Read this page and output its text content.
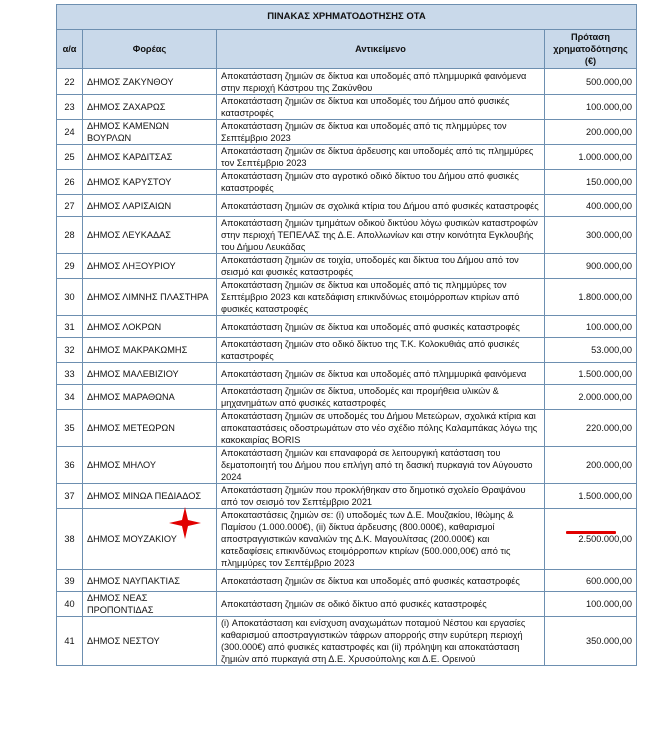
ΠΙΝΑΚΑΣ ΧΡΗΜΑΤΟΔΟΤΗΣΗΣ ΟΤΑ			
α/α	Φορέας	Αντικείμενο	Πρόταση χρηματοδότησης (€)
22	ΔΗΜΟΣ ΖΑΚΥΝΘΟΥ	Αποκατάσταση ζημιών σε δίκτυα και υποδομές από πλημμυρικά φαινόμενα στην περιοχή Κάστρου της Ζακύνθου	500.000,00
23	ΔΗΜΟΣ ΖΑΧΑΡΩΣ	Αποκατάσταση ζημιών σε δίκτυα και υποδομές του Δήμου από φυσικές καταστροφές	100.000,00
24	ΔΗΜΟΣ ΚΑΜΕΝΩΝ ΒΟΥΡΛΩΝ	Αποκατάσταση ζημιών σε δίκτυα και υποδομές από τις πλημμύρες τον Σεπτέμβριο 2023	200.000,00
25	ΔΗΜΟΣ ΚΑΡΔΙΤΣΑΣ	Αποκατάσταση ζημιών σε δίκτυα άρδευσης και υποδομές από τις πλημμύρες τον Σεπτέμβριο 2023	1.000.000,00
26	ΔΗΜΟΣ ΚΑΡΥΣΤΟΥ	Αποκατάσταση ζημιών στο αγροτικό οδικό δίκτυο του Δήμου από φυσικές καταστροφές	150.000,00
27	ΔΗΜΟΣ ΛΑΡΙΣΑΙΩΝ	Αποκατάσταση ζημιών σε σχολικά κτίρια του Δήμου από φυσικές καταστροφές	400.000,00
28	ΔΗΜΟΣ ΛΕΥΚΑΔΑΣ	Αποκατάσταση ζημιών τμημάτων οδικού δικτύου λόγω φυσικών καταστροφών στην περιοχή ΤΕΠΕΛΑΣ της Δ.Ε. Απολλωνίων και στην κοινότητα Εγκλουβής του Δήμου Λευκάδας	300.000,00
29	ΔΗΜΟΣ ΛΗΞΟΥΡΙΟΥ	Αποκατάσταση ζημιών σε τοιχία, υποδομές και δίκτυα του Δήμου από τον σεισμό και φυσικές καταστροφές	900.000,00
30	ΔΗΜΟΣ ΛΙΜΝΗΣ ΠΛΑΣΤΗΡΑ	Αποκατάσταση ζημιών σε δίκτυα και υποδομές από τις πλημμύρες τον Σεπτέμβριο 2023 και κατεδάφιση επικινδύνως ετοιμόρροπων κτιρίων από φυσικές καταστροφές	1.800.000,00
31	ΔΗΜΟΣ ΛΟΚΡΩΝ	Αποκατάσταση ζημιών σε δίκτυα και υποδομές από φυσικές καταστροφές	100.000,00
32	ΔΗΜΟΣ ΜΑΚΡΑΚΩΜΗΣ	Αποκατάσταση ζημιών στο οδικό δίκτυο της Τ.Κ. Κολοκυθιάς από φυσικές καταστροφές	53.000,00
33	ΔΗΜΟΣ ΜΑΛΕΒΙΖΙΟΥ	Αποκατάσταση ζημιών σε δίκτυα και υποδομές από πλημμυρικά φαινόμενα	1.500.000,00
34	ΔΗΜΟΣ ΜΑΡΑΘΩΝΑ	Αποκατάσταση ζημιών σε δίκτυα, υποδομές και προμήθεια υλικών & μηχανημάτων από φυσικές καταστροφές	2.000.000,00
35	ΔΗΜΟΣ ΜΕΤΕΩΡΩΝ	Αποκατάσταση ζημιών σε υποδομές του Δήμου Μετεώρων, σχολικά κτίρια και αποκαταστάσεις οδοστρωμάτων στο νέο σχέδιο πόλης Καλαμπάκας λόγω της κακοκαιρίας BORIS	220.000,00
36	ΔΗΜΟΣ ΜΗΛΟΥ	Αποκατάσταση ζημιών και επαναφορά σε λειτουργική κατάσταση του δεματοποιητή του Δήμου που επλήγη από τη δασική πυρκαγιά τον Αύγουστο 2024	200.000,00
37	ΔΗΜΟΣ ΜΙΝΩΑ ΠΕΔΙΑΔΟΣ	Αποκατάσταση ζημιών που προκλήθηκαν στο δημοτικό σχολείο Θραψάνου από τον σεισμό τον Σεπτέμβριο 2021	1.500.000,00
38	ΔΗΜΟΣ ΜΟΥΖΑΚΙΟΥ	Αποκαταστάσεις ζημιών σε: (i) υποδομές των Δ.Ε. Μουζακίου, Ιθώμης & Παμίσου (1.000.000€), (ii) δίκτυα άρδευσης (800.000€), καθαρισμοί αποστραγγιστικών καναλιών της Δ.Κ. Μαγουλίτσας (200.000€) και κατεδαφίσεις επικινδύνως ετοιμόρροπων κτιρίων (500.000,00€) από τις πλημμύρες τον Σεπτέμβριο 2023	2.500.000,00
39	ΔΗΜΟΣ ΝΑΥΠΑΚΤΙΑΣ	Αποκατάσταση ζημιών σε δίκτυα και υποδομές από φυσικές καταστροφές	600.000,00
40	ΔΗΜΟΣ ΝΕΑΣ ΠΡΟΠΟΝΤΙΔΑΣ	Αποκατάσταση ζημιών σε οδικό δίκτυο από φυσικές καταστροφές	100.000,00
41	ΔΗΜΟΣ ΝΕΣΤΟΥ	(i) Αποκατάσταση και ενίσχυση αναχωμάτων ποταμού Νέστου και εργασίες καθαρισμού αποστραγγιστικών τάφρων απορροής στην ευρύτερη περιοχή (300.000€) από φυσικές καταστροφές και (ii) πρόληψη και αποκατάσταση ζημιών από πυρκαγιά στη Δ.Ε. Χρυσούπολης και Δ.Ε. Ορεινού	350.000,00
